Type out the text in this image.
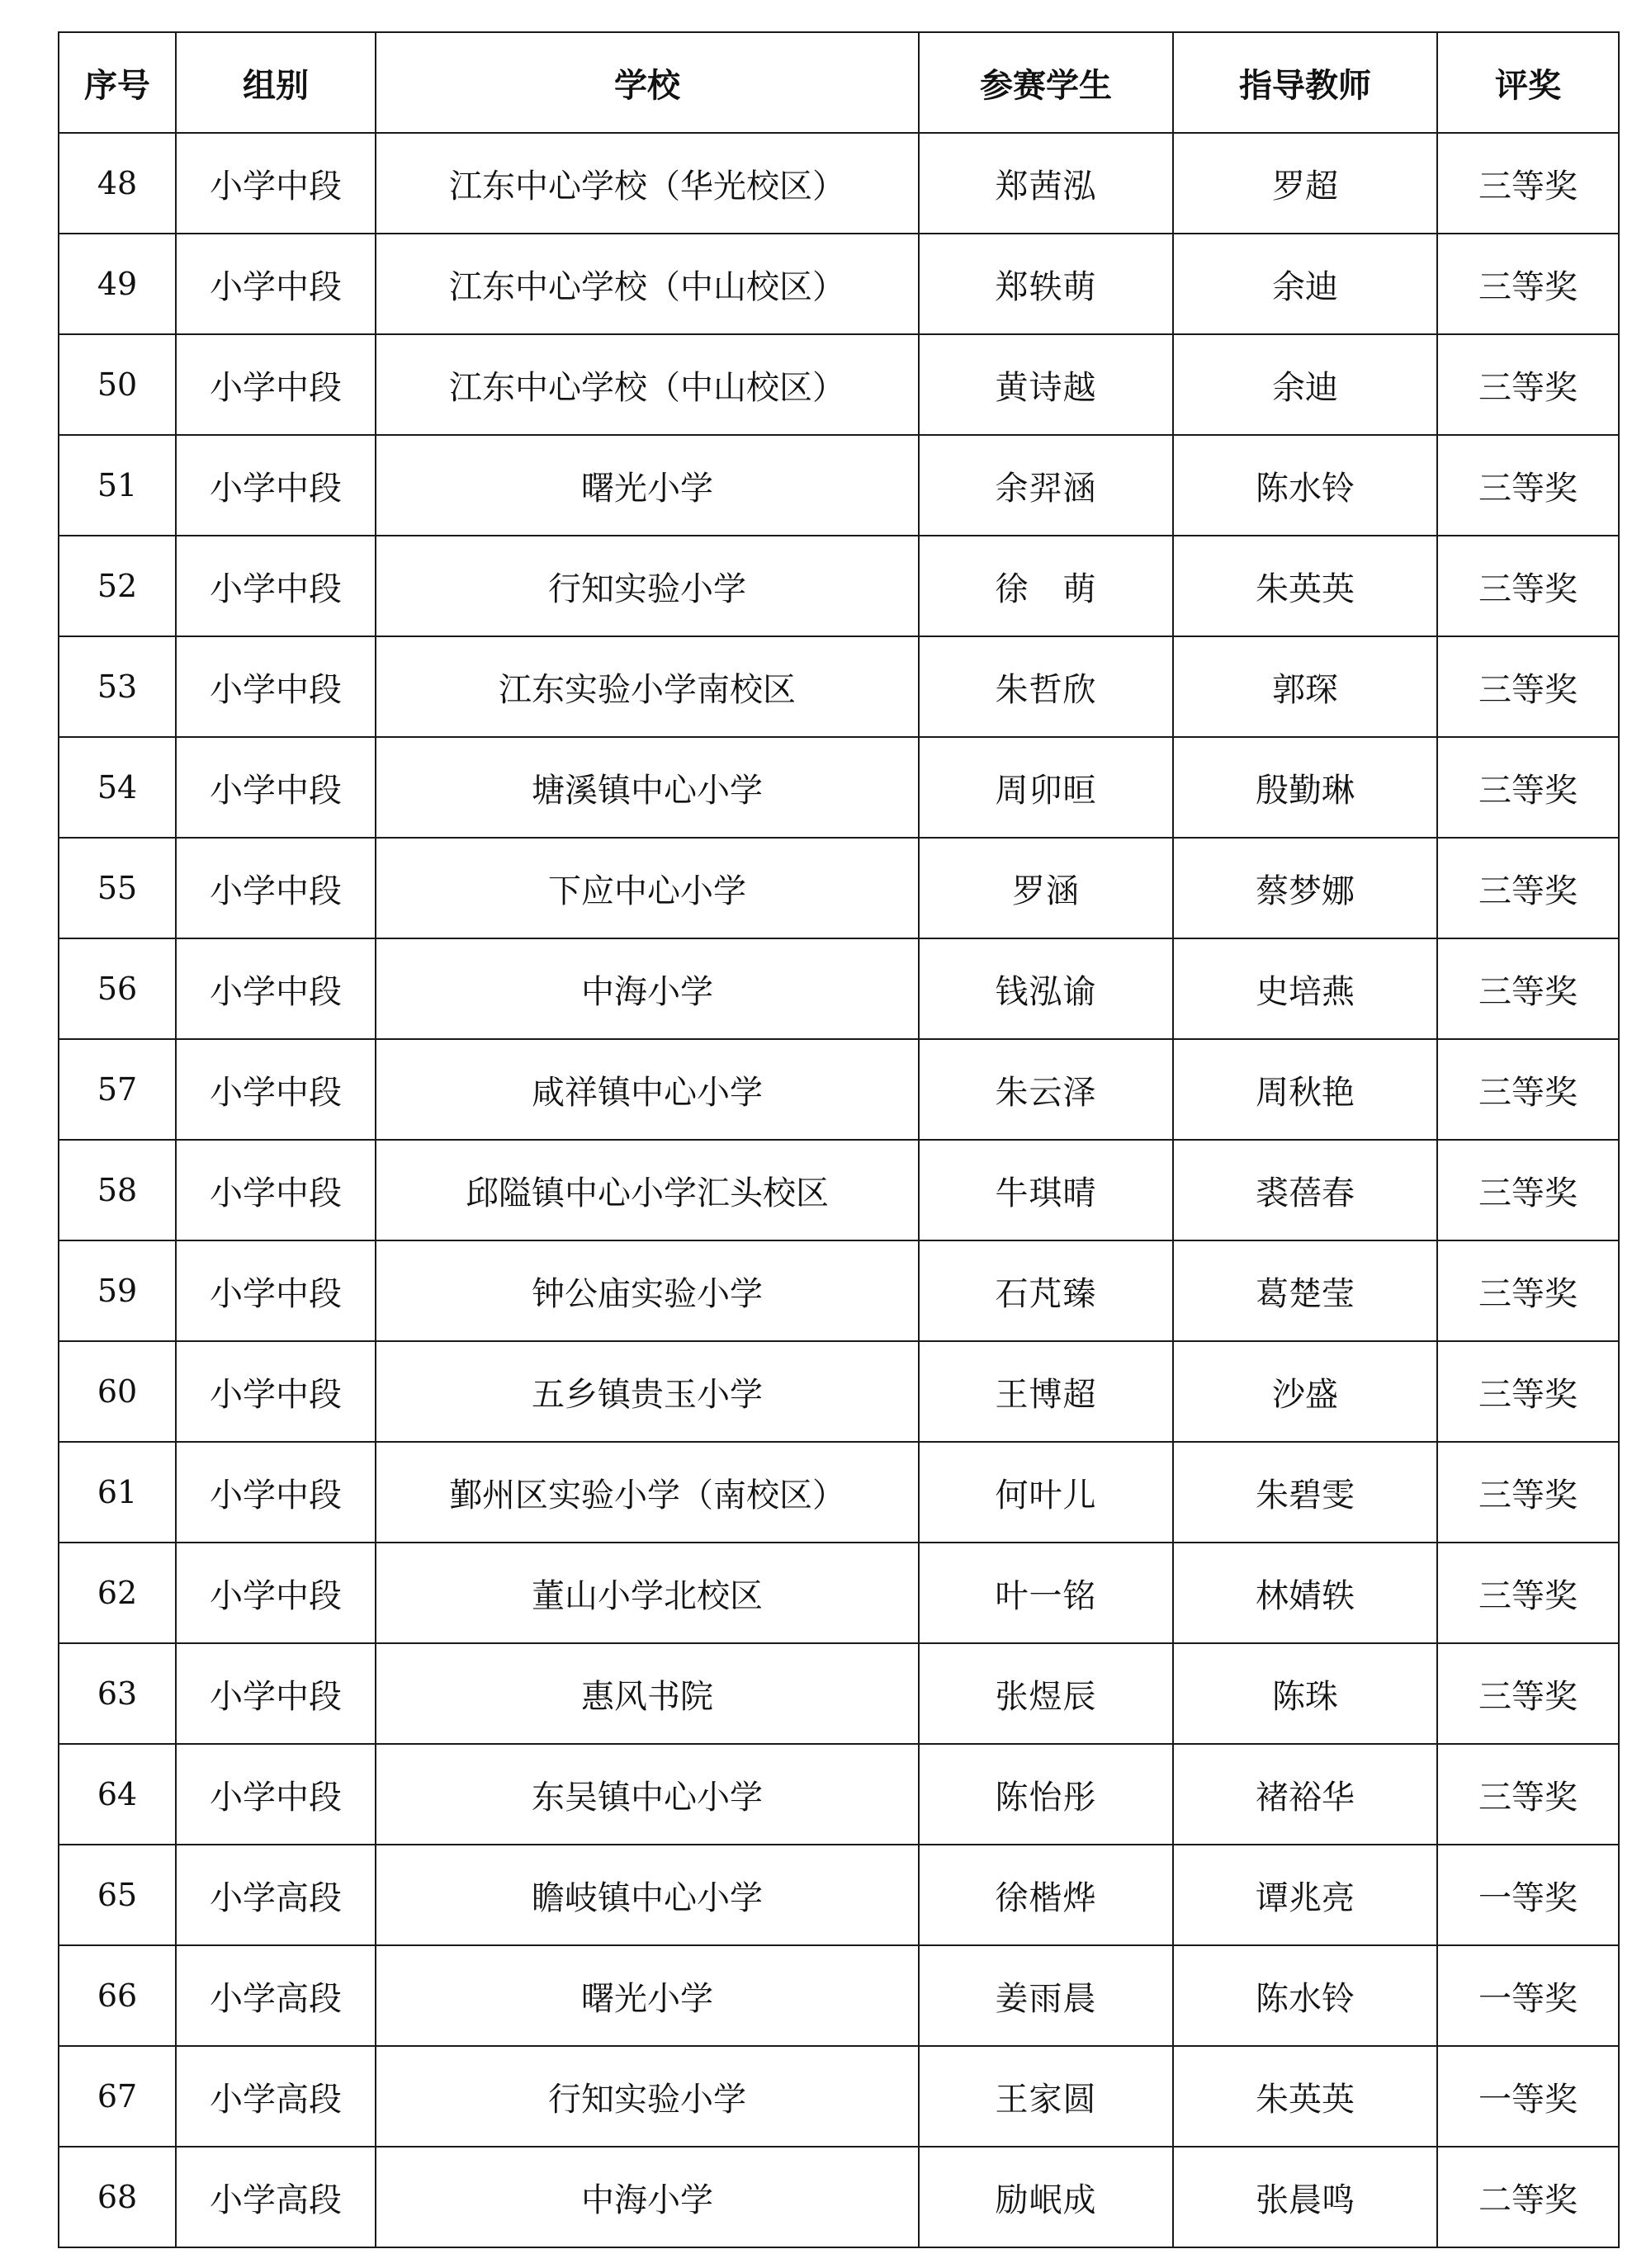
序号	组别	学校	参赛学生	指导教师	评奖
48	小学中段	江东中心学校（华光校区）	郑茜泓	罗超	三等奖
49	小学中段	江东中心学校（中山校区）	郑轶萌	余迪	三等奖
50	小学中段	江东中心学校（中山校区）	黄诗越	余迪	三等奖
51	小学中段	曙光小学	余羿涵	陈水铃	三等奖
52	小学中段	行知实验小学	徐　萌	朱英英	三等奖
53	小学中段	江东实验小学南校区	朱哲欣	郭琛	三等奖
54	小学中段	塘溪镇中心小学	周卯晅	殷勤琳	三等奖
55	小学中段	下应中心小学	罗涵	蔡梦娜	三等奖
56	小学中段	中海小学	钱泓谕	史培燕	三等奖
57	小学中段	咸祥镇中心小学	朱云泽	周秋艳	三等奖
58	小学中段	邱隘镇中心小学汇头校区	牛琪晴	裘蓓春	三等奖
59	小学中段	钟公庙实验小学	石芃臻	葛楚莹	三等奖
60	小学中段	五乡镇贵玉小学	王博超	沙盛	三等奖
61	小学中段	鄞州区实验小学（南校区）	何叶儿	朱碧雯	三等奖
62	小学中段	董山小学北校区	叶一铭	林婧轶	三等奖
63	小学中段	惠风书院	张煜辰	陈珠	三等奖
64	小学中段	东吴镇中心小学	陈怡彤	褚裕华	三等奖
65	小学高段	瞻岐镇中心小学	徐楷烨	谭兆亮	一等奖
66	小学高段	曙光小学	姜雨晨	陈水铃	一等奖
67	小学高段	行知实验小学	王家圆	朱英英	一等奖
68	小学高段	中海小学	励岷成	张晨鸣	二等奖
